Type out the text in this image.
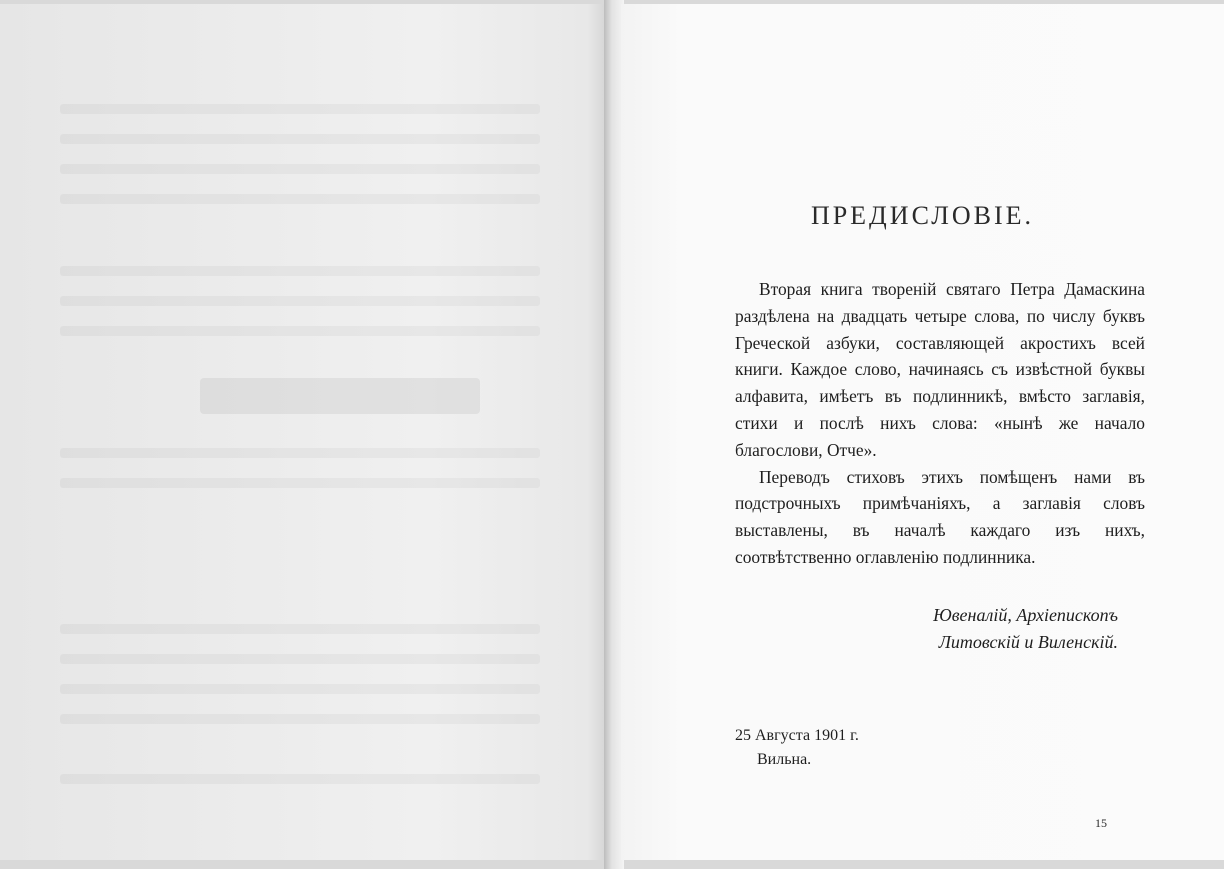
ПРЕДИСЛОВІЕ.

Вторая книга твореній святаго Петра Дамаскина раздѣлена на двадцать четыре слова, по числу буквъ Греческой азбуки, составляющей акростихъ всей книги. Каждое слово, начинаясь съ извѣстной буквы алфавита, имѣетъ въ подлинникѣ, вмѣсто заглавія, стихи и послѣ нихъ слова: «нынѣ же начало благослови, Отче».

Переводъ стиховъ этихъ помѣщенъ нами въ подстрочныхъ примѣчаніяхъ, а заглавія словъ выставлены, въ началѣ каждаго изъ нихъ, соотвѣтственно оглавленію подлинника.

Ювеналій, Архіепископъ
Литовскій и Виленскій.
25 Августа 1901 г.
Вильна.
15
